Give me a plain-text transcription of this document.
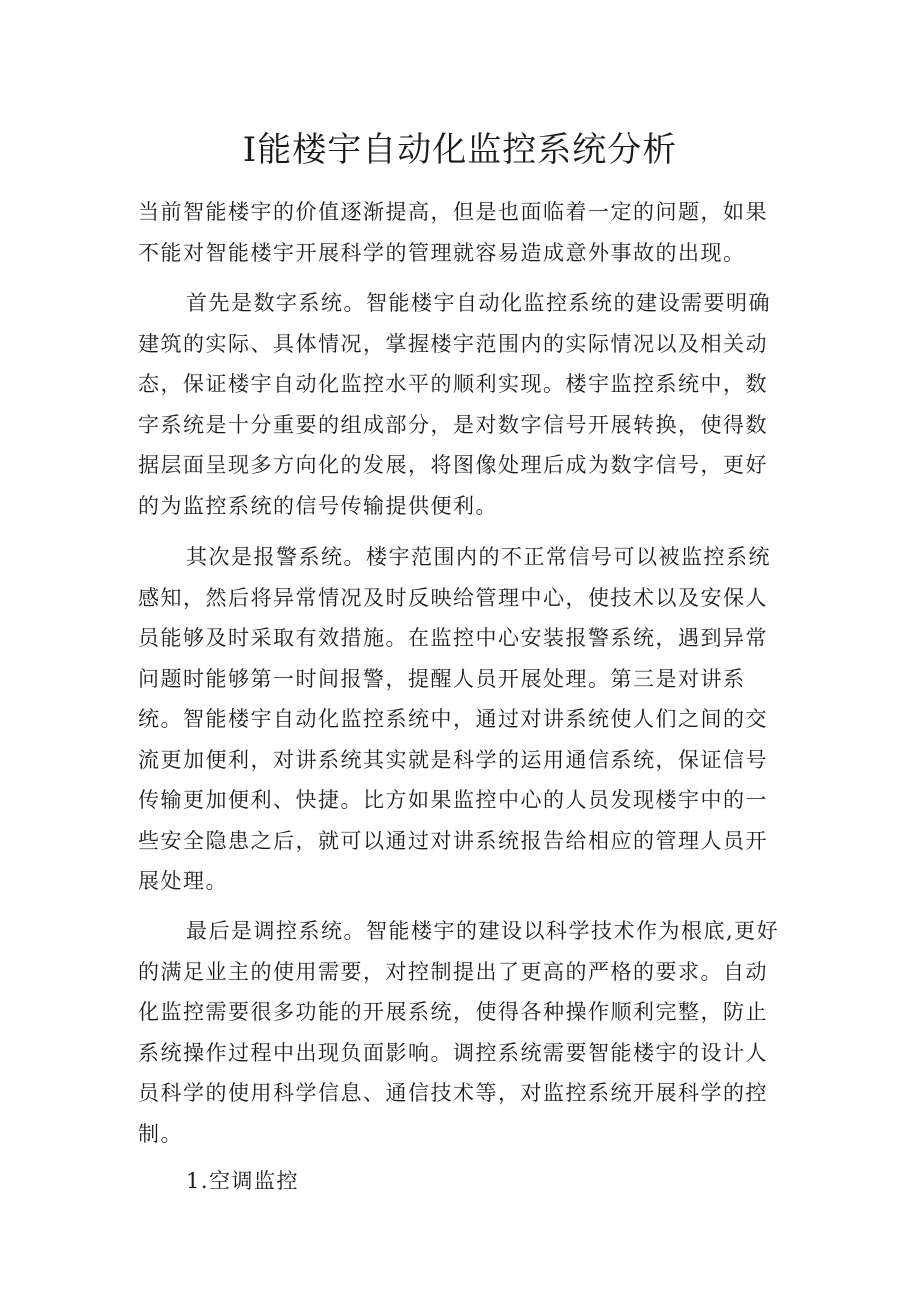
I能楼宇自动化监控系统分析

当前智能楼宇的价值逐渐提高，但是也面临着一定的问题，如果不能对智能楼宇开展科学的管理就容易造成意外事故的出现。

首先是数字系统。智能楼宇自动化监控系统的建设需要明确建筑的实际、具体情况，掌握楼宇范围内的实际情况以及相关动态，保证楼宇自动化监控水平的顺利实现。楼宇监控系统中，数字系统是十分重要的组成部分，是对数字信号开展转换，使得数据层面呈现多方向化的发展，将图像处理后成为数字信号，更好的为监控系统的信号传输提供便利。

其次是报警系统。楼宇范围内的不正常信号可以被监控系统感知，然后将异常情况及时反映给管理中心，使技术以及安保人员能够及时采取有效措施。在监控中心安装报警系统，遇到异常问题时能够第一时间报警，提醒人员开展处理。第三是对讲系统。智能楼宇自动化监控系统中，通过对讲系统使人们之间的交流更加便利，对讲系统其实就是科学的运用通信系统，保证信号传输更加便利、快捷。比方如果监控中心的人员发现楼宇中的一些安全隐患之后，就可以通过对讲系统报告给相应的管理人员开展处理。

最后是调控系统。智能楼宇的建设以科学技术作为根底,更好的满足业主的使用需要，对控制提出了更高的严格的要求。自动化监控需要很多功能的开展系统，使得各种操作顺利完整，防止系统操作过程中出现负面影响。调控系统需要智能楼宇的设计人员科学的使用科学信息、通信技术等，对监控系统开展科学的控制。

1.空调监控
